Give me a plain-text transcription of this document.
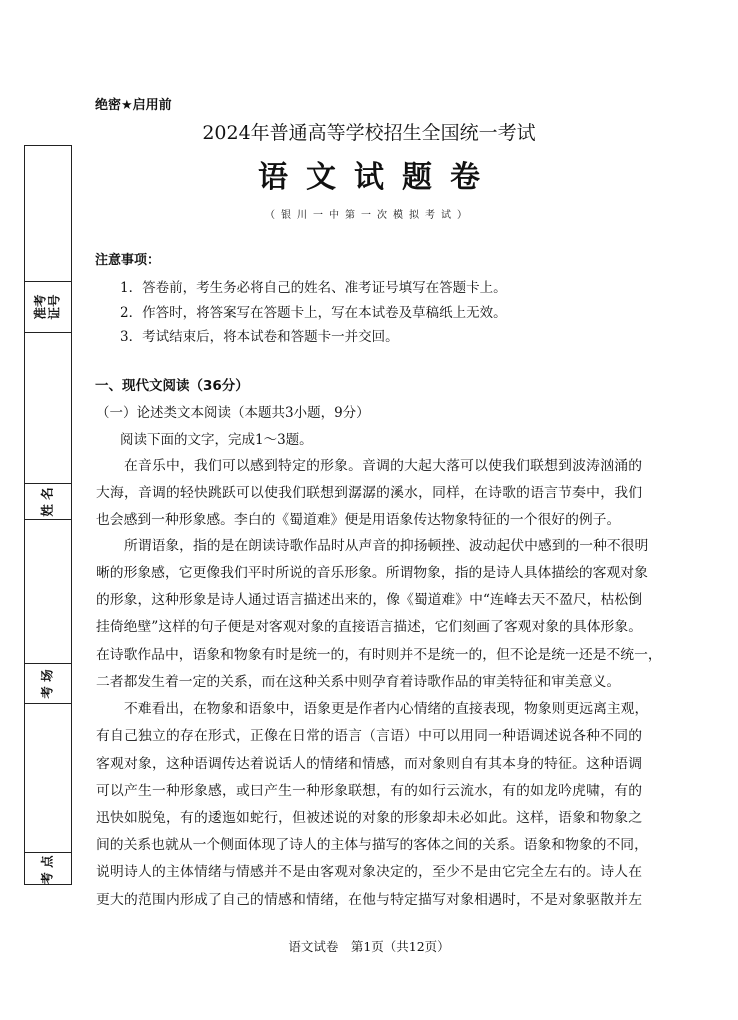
准考
证号
姓 名
考 场
考 点
绝密★启用前
2024年普通高等学校招生全国统一考试
语文试题卷
（银川一中第一次模拟考试）
注意事项：
1．答卷前，考生务必将自己的姓名、准考证号填写在答题卡上。
2．作答时，将答案写在答题卡上，写在本试卷及草稿纸上无效。
3．考试结束后，将本试卷和答题卡一并交回。
一、现代文阅读（36分）
（一）论述类文本阅读（本题共3小题，9分）
阅读下面的文字，完成1～3题。
在音乐中，我们可以感到特定的形象。音调的大起大落可以使我们联想到波涛汹涌的
大海，音调的轻快跳跃可以使我们联想到潺潺的溪水，同样，在诗歌的语言节奏中，我们
也会感到一种形象感。李白的《蜀道难》便是用语象传达物象特征的一个很好的例子。
所谓语象，指的是在朗读诗歌作品时从声音的抑扬顿挫、波动起伏中感到的一种不很明
晰的形象感，它更像我们平时所说的音乐形象。所谓物象，指的是诗人具体描绘的客观对象
的形象，这种形象是诗人通过语言描述出来的，像《蜀道难》中“连峰去天不盈尺，枯松倒
挂倚绝壁”这样的句子便是对客观对象的直接语言描述，它们刻画了客观对象的具体形象。
在诗歌作品中，语象和物象有时是统一的，有时则并不是统一的，但不论是统一还是不统一，
二者都发生着一定的关系，而在这种关系中则孕育着诗歌作品的审美特征和审美意义。
不难看出，在物象和语象中，语象更是作者内心情绪的直接表现，物象则更远离主观，
有自己独立的存在形式，正像在日常的语言（言语）中可以用同一种语调述说各种不同的
客观对象，这种语调传达着说话人的情绪和情感，而对象则自有其本身的特征。这种语调
可以产生一种形象感，或曰产生一种形象联想，有的如行云流水，有的如龙吟虎啸，有的
迅快如脱兔，有的逶迤如蛇行，但被述说的对象的形象却未必如此。这样，语象和物象之
间的关系也就从一个侧面体现了诗人的主体与描写的客体之间的关系。语象和物象的不同，
说明诗人的主体情绪与情感并不是由客观对象决定的，至少不是由它完全左右的。诗人在
更大的范围内形成了自己的情感和情绪，在他与特定描写对象相遇时，不是对象驱散并左
语文试卷　第1页（共12页）
